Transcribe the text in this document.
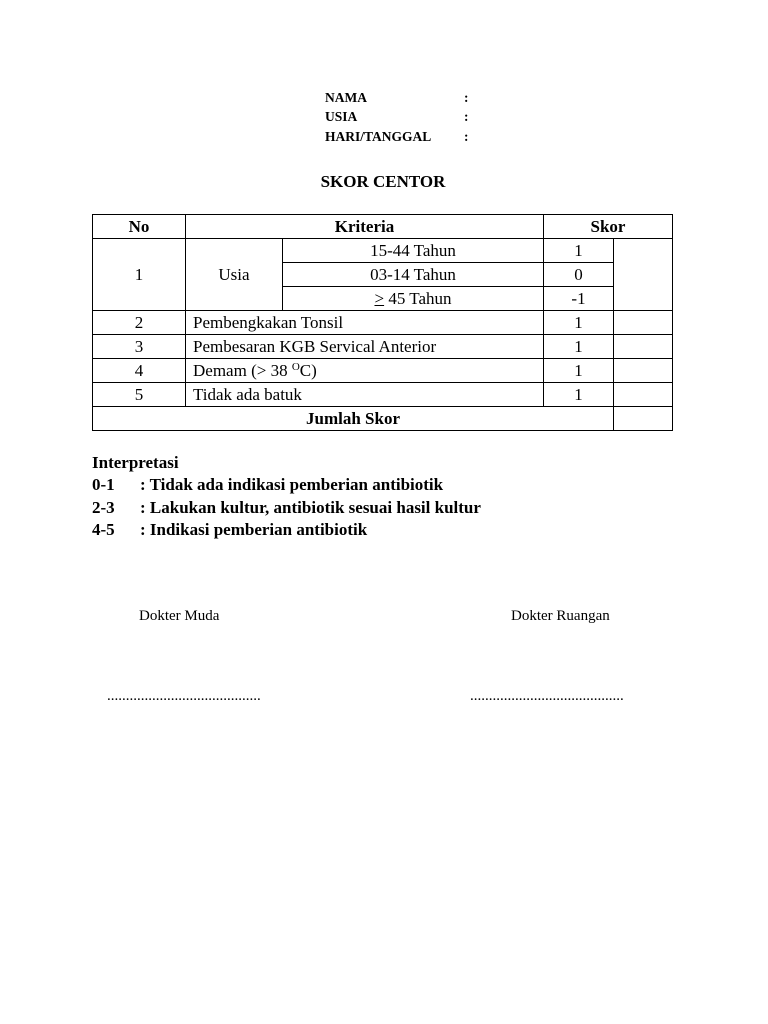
NAMA	:
USIA	:
HARI/TANGGAL	:
SKOR CENTOR
No	Kriteria		Skor	
1	Usia	15-44 Tahun	1	
		03-14 Tahun	0	
		≥ 45 Tahun	-1	
2	Pembengkakan Tonsil		1	
3	Pembesaran KGB Servical Anterior		1	
4	Demam (> 38 $^O$C)		1	
5	Tidak ada batuk		1	
Jumlah Skor				
Interpretasi
0-1	: Tidak ada indikasi pemberian antibiotik
2-3	: Lakukan kultur, antibiotik sesuai hasil kultur
4-5	: Indikasi pemberian antibiotik
Dokter Muda	Dokter Ruangan
.........................................	.........................................
